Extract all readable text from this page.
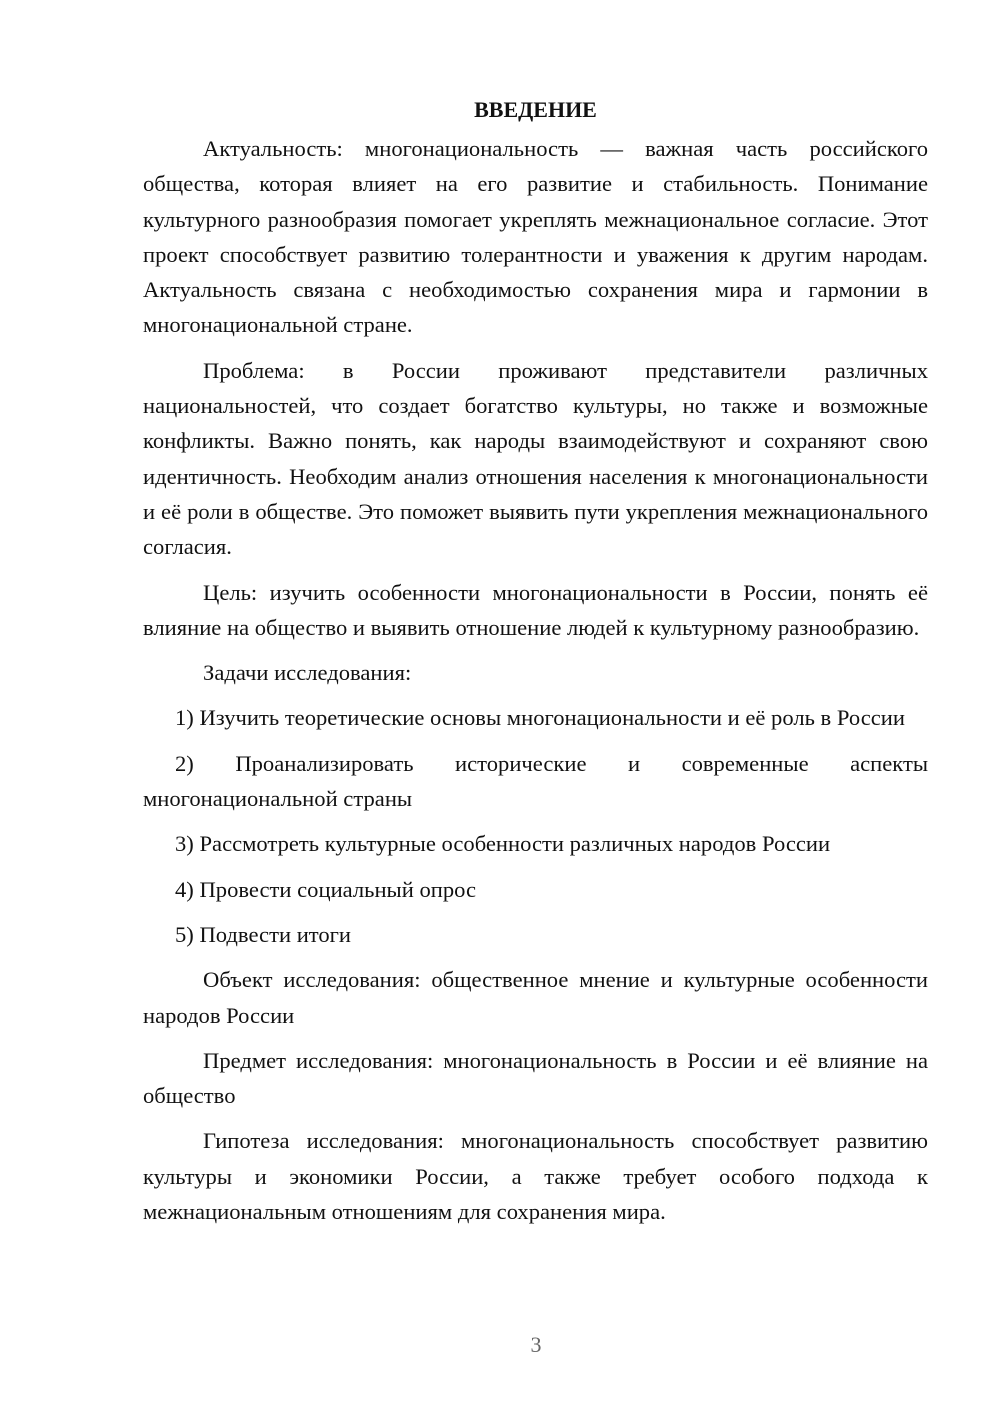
ВВЕДЕНИЕ

Актуальность: многонациональность — важная часть российского общества, которая влияет на его развитие и стабильность. Понимание культурного разнообразия помогает укреплять межнациональное согласие. Этот проект способствует развитию толерантности и уважения к другим народам. Актуальность связана с необходимостью сохранения мира и гармонии в многонациональной стране.

Проблема: в России проживают представители различных национальностей, что создает богатство культуры, но также и возможные конфликты. Важно понять, как народы взаимодействуют и сохраняют свою идентичность. Необходим анализ отношения населения к многонациональности и её роли в обществе. Это поможет выявить пути укрепления межнационального согласия.

Цель: изучить особенности многонациональности в России, понять её влияние на общество и выявить отношение людей к культурному разнообразию.

Задачи исследования:

1) Изучить теоретические основы многонациональности и её роль в России

2) Проанализировать исторические и современные аспекты многонациональной страны

3) Рассмотреть культурные особенности различных народов России

4) Провести социальный опрос

5) Подвести итоги

Объект исследования: общественное мнение и культурные особенности народов России

Предмет исследования: многонациональность в России и её влияние на общество

Гипотеза исследования: многонациональность способствует развитию культуры и экономики России, а также требует особого подхода к межнациональным отношениям для сохранения мира.

3
